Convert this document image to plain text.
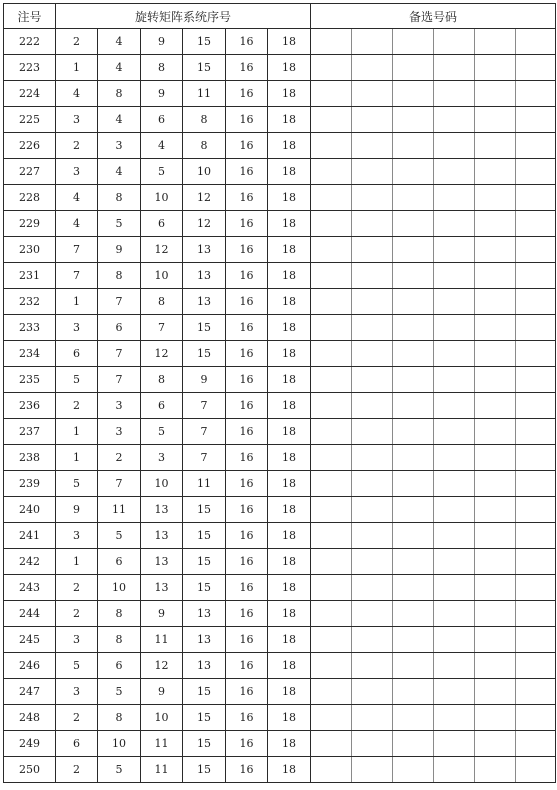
注号	旋转矩阵系统序号						备选号码					
222	2	4	9	15	16	18						
223	1	4	8	15	16	18						
224	4	8	9	11	16	18						
225	3	4	6	8	16	18						
226	2	3	4	8	16	18						
227	3	4	5	10	16	18						
228	4	8	10	12	16	18						
229	4	5	6	12	16	18						
230	7	9	12	13	16	18						
231	7	8	10	13	16	18						
232	1	7	8	13	16	18						
233	3	6	7	15	16	18						
234	6	7	12	15	16	18						
235	5	7	8	9	16	18						
236	2	3	6	7	16	18						
237	1	3	5	7	16	18						
238	1	2	3	7	16	18						
239	5	7	10	11	16	18						
240	9	11	13	15	16	18						
241	3	5	13	15	16	18						
242	1	6	13	15	16	18						
243	2	10	13	15	16	18						
244	2	8	9	13	16	18						
245	3	8	11	13	16	18						
246	5	6	12	13	16	18						
247	3	5	9	15	16	18						
248	2	8	10	15	16	18						
249	6	10	11	15	16	18						
250	2	5	11	15	16	18						
